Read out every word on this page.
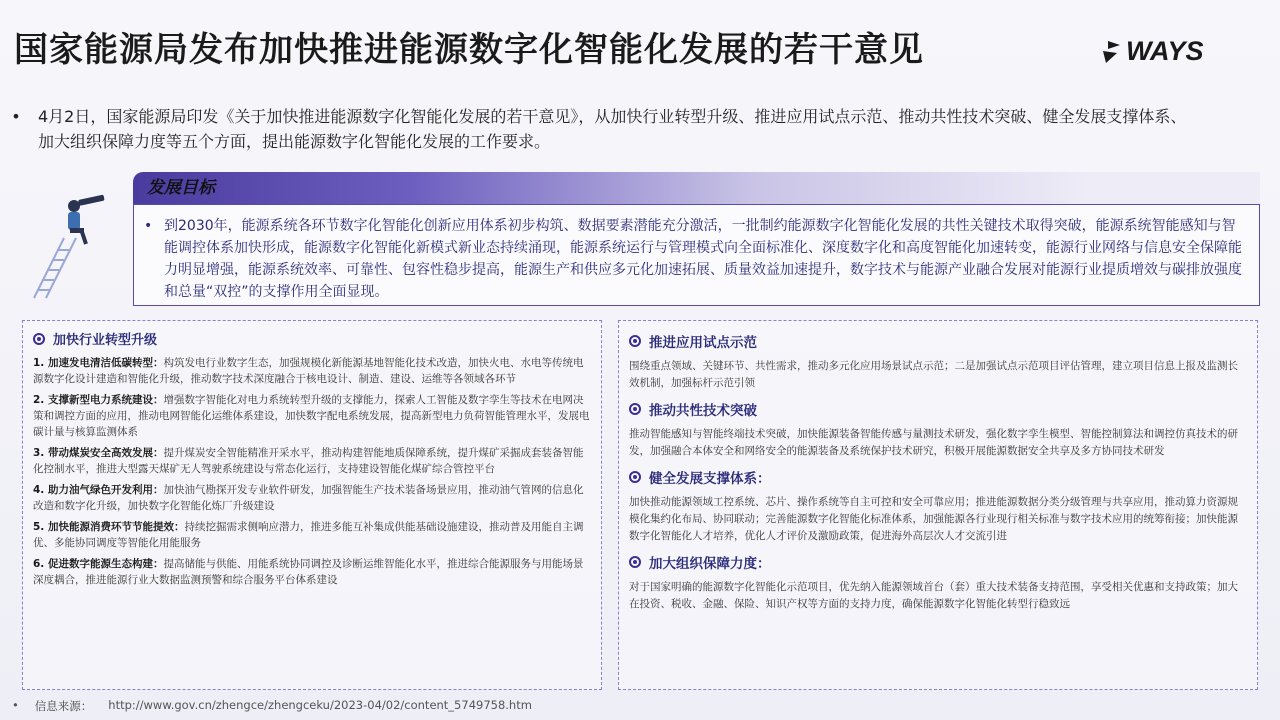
国家能源局发布加快推进能源数字化智能化发展的若干意见	WAYS
• 4月2日，国家能源局印发《关于加快推进能源数字化智能化发展的若干意见》，从加快行业转型升级、推进应用试点示范、推动共性技术突破、健全发展支撑体系、加大组织保障力度等五个方面，提出能源数字化智能化发展的工作要求。
发展目标
• 到2030年，能源系统各环节数字化智能化创新应用体系初步构筑、数据要素潜能充分激活，一批制约能源数字化智能化发展的共性关键技术取得突破，能源系统智能感知与智能调控体系加快形成，能源数字化智能化新模式新业态持续涌现，能源系统运行与管理模式向全面标准化、深度数字化和高度智能化加速转变，能源行业网络与信息安全保障能力明显增强，能源系统效率、可靠性、包容性稳步提高，能源生产和供应多元化加速拓展、质量效益加速提升，数字技术与能源产业融合发展对能源行业提质增效与碳排放强度和总量“双控”的支撑作用全面显现。
加快行业转型升级
1. 加速发电清洁低碳转型：构筑发电行业数字生态，加强规模化新能源基地智能化技术改造，加快火电、水电等传统电源数字化设计建造和智能化升级，推动数字技术深度融合于核电设计、制造、建设、运维等各领域各环节
2. 支撑新型电力系统建设：增强数字智能化对电力系统转型升级的支撑能力，探索人工智能及数字孪生等技术在电网决策和调控方面的应用，推动电网智能化运维体系建设，加快数字配电系统发展，提高新型电力负荷智能管理水平，发展电碳计量与核算监测体系
3. 带动煤炭安全高效发展：提升煤炭安全智能精准开采水平，推动构建智能地质保障系统，提升煤矿采掘成套装备智能化控制水平，推进大型露天煤矿无人驾驶系统建设与常态化运行，支持建设智能化煤矿综合管控平台
4. 助力油气绿色开发利用：加快油气勘探开发专业软件研发，加强智能生产技术装备场景应用，推动油气管网的信息化改造和数字化升级，加快数字化智能化炼厂升级建设
5. 加快能源消费环节节能提效：持续挖掘需求侧响应潜力，推进多能互补集成供能基础设施建设，推动普及用能自主调优、多能协同调度等智能化用能服务
6. 促进数字能源生态构建：提高储能与供能、用能系统协同调控及诊断运维智能化水平，推进综合能源服务与用能场景深度耦合，推进能源行业大数据监测预警和综合服务平台体系建设
推进应用试点示范
围绕重点领域、关键环节、共性需求，推动多元化应用场景试点示范；二是加强试点示范项目评估管理，建立项目信息上报及监测长效机制，加强标杆示范引领
推动共性技术突破
推动智能感知与智能终端技术突破，加快能源装备智能传感与量测技术研发，强化数字孪生模型、智能控制算法和调控仿真技术的研发，加强融合本体安全和网络安全的能源装备及系统保护技术研究，积极开展能源数据安全共享及多方协同技术研发
健全发展支撑体系：
加快推动能源领域工控系统、芯片、操作系统等自主可控和安全可靠应用；推进能源数据分类分级管理与共享应用，推动算力资源规模化集约化布局、协同联动；完善能源数字化智能化标准体系，加强能源各行业现行相关标准与数字技术应用的统筹衔接；加快能源数字化智能化人才培养，优化人才评价及激励政策，促进海外高层次人才交流引进
加大组织保障力度：
对于国家明确的能源数字化智能化示范项目，优先纳入能源领域首台（套）重大技术装备支持范围，享受相关优惠和支持政策；加大在投资、税收、金融、保险、知识产权等方面的支持力度，确保能源数字化智能化转型行稳致远
• 信息来源： http://www.gov.cn/zhengce/zhengceku/2023-04/02/content_5749758.htm
